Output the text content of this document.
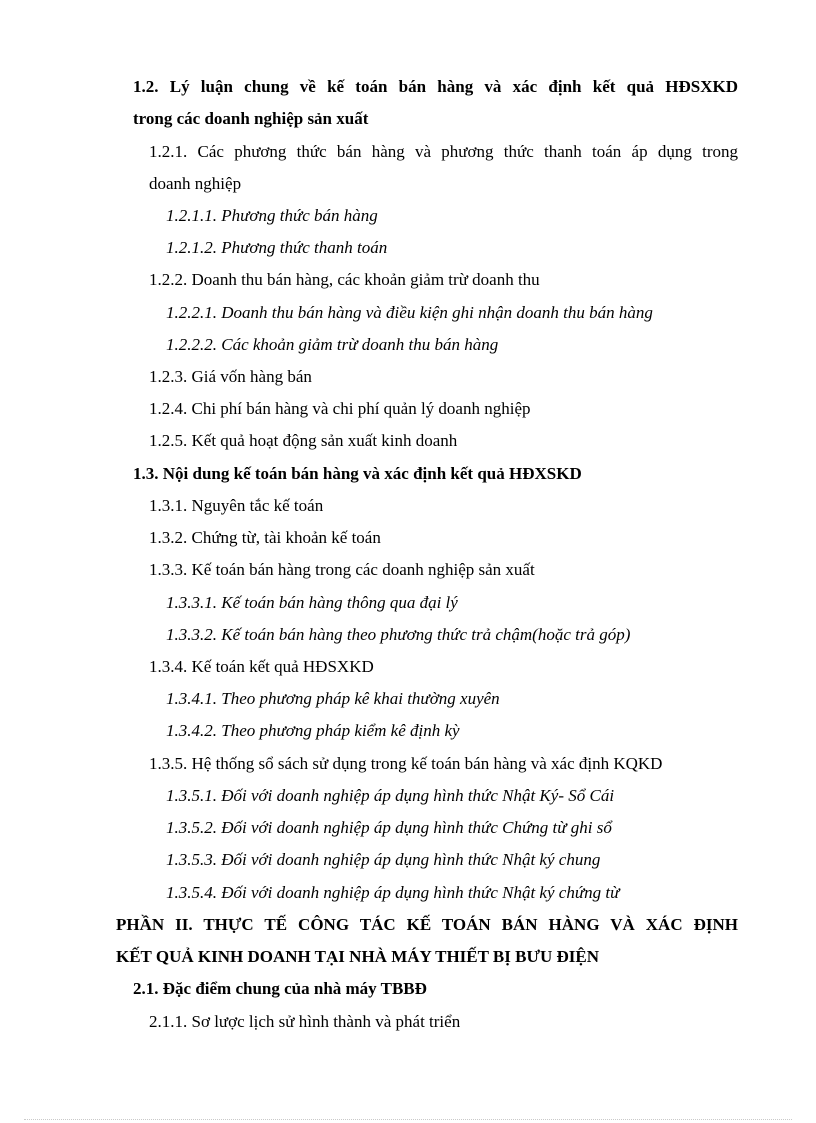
1.2. Lý luận chung về kế toán bán hàng và xác định kết quả HĐSXKD
trong các doanh nghiệp sản xuất
1.2.1. Các phương thức bán hàng và phương thức thanh toán áp dụng trong
doanh nghiệp
1.2.1.1. Phương thức bán hàng
1.2.1.2. Phương thức thanh toán
1.2.2. Doanh thu bán hàng, các khoản giảm trừ doanh thu
1.2.2.1. Doanh thu bán hàng và điều kiện ghi nhận doanh thu bán hàng
1.2.2.2. Các khoản giảm trừ doanh thu bán hàng
1.2.3. Giá vốn hàng bán
1.2.4. Chi phí bán hàng và chi phí quản lý doanh nghiệp
1.2.5. Kết quả hoạt động sản xuất kinh doanh
1.3. Nội dung kế toán bán hàng và xác định kết quả HĐXSKD
1.3.1. Nguyên tắc kế toán
1.3.2. Chứng từ, tài khoản kế toán
1.3.3. Kế toán bán hàng trong các doanh nghiệp sản xuất
1.3.3.1. Kế toán bán hàng thông qua đại lý
1.3.3.2. Kế toán bán hàng theo phương thức trả chậm(hoặc trả góp)
1.3.4. Kế toán kết quả HĐSXKD
1.3.4.1. Theo phương pháp kê khai thường xuyên
1.3.4.2. Theo phương pháp kiểm kê định kỳ
1.3.5. Hệ thống sổ sách sử dụng trong kế toán bán hàng và xác định KQKD
1.3.5.1. Đối với doanh nghiệp áp dụng hình thức Nhật Ký- Sổ Cái
1.3.5.2. Đối với doanh nghiệp áp dụng hình thức Chứng từ ghi sổ
1.3.5.3. Đối với doanh nghiệp áp dụng hình thức Nhật ký chung
1.3.5.4. Đối với doanh nghiệp áp dụng hình thức Nhật ký chứng từ
PHẦN II. THỰC TẾ CÔNG TÁC KẾ TOÁN BÁN HÀNG VÀ XÁC ĐỊNH
KẾT QUẢ KINH DOANH TẠI NHÀ MÁY THIẾT BỊ BƯU ĐIỆN
2.1. Đặc điểm chung của nhà máy TBBĐ
2.1.1. Sơ lược lịch sử hình thành và phát triển
